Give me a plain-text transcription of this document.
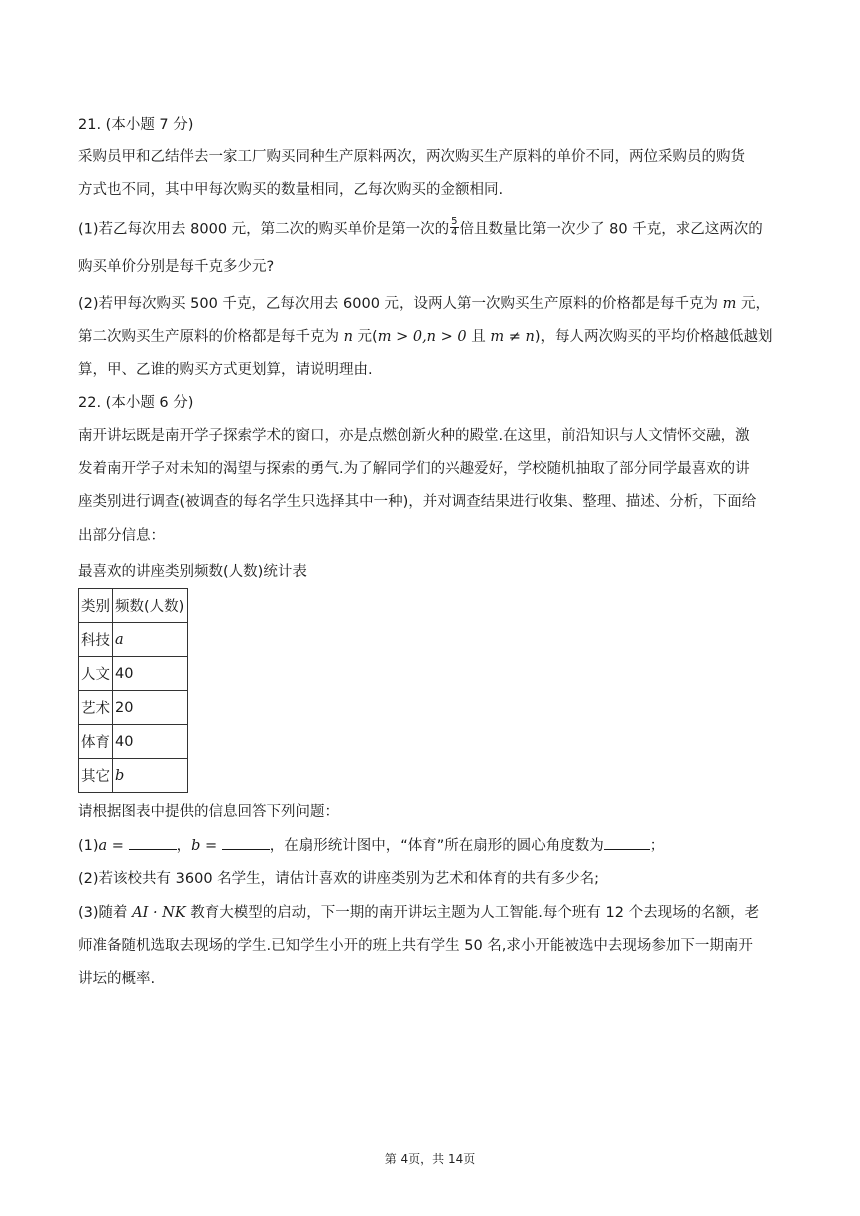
21. (本小题 7 分)
采购员甲和乙结伴去一家工厂购买同种生产原料两次，两次购买生产原料的单价不同，两位采购员的购货
方式也不同，其中甲每次购买的数量相同，乙每次购买的金额相同.
(1)若乙每次用去 8000 元，第二次的购买单价是第一次的 $\frac{5}{4}$ 倍且数量比第一次少了 80 千克，求乙这两次的
购买单价分别是每千克多少元?
(2)若甲每次购买 500 千克，乙每次用去 6000 元，设两人第一次购买生产原料的价格都是每千克为 m 元，
第二次购买生产原料的价格都是每千克为 n 元(m > 0,n > 0 且 m ≠ n)，每人两次购买的平均价格越低越划
算，甲、乙谁的购买方式更划算，请说明理由.
22. (本小题 6 分)
南开讲坛既是南开学子探索学术的窗口，亦是点燃创新火种的殿堂.在这里，前沿知识与人文情怀交融，激
发着南开学子对未知的渴望与探索的勇气.为了解同学们的兴趣爱好，学校随机抽取了部分同学最喜欢的讲
座类别进行调查(被调查的每名学生只选择其中一种)，并对调查结果进行收集、整理、描述、分析，下面给
出部分信息：
最喜欢的讲座类别频数(人数)统计表
类别	频数(人数)
科技	a
人文	40
艺术	20
体育	40
其它	b
请根据图表中提供的信息回答下列问题：
(1)a =	，b =	，在扇形统计图中，“体育”所在扇形的圆心角度数为	；
(2)若该校共有 3600 名学生，请估计喜欢的讲座类别为艺术和体育的共有多少名;
(3)随着 AI · NK 教育大模型的启动，下一期的南开讲坛主题为人工智能.每个班有 12 个去现场的名额，老
师准备随机选取去现场的学生.已知学生小开的班上共有学生 50 名,求小开能被选中去现场参加下一期南开
讲坛的概率.
第 4页，共 14页
